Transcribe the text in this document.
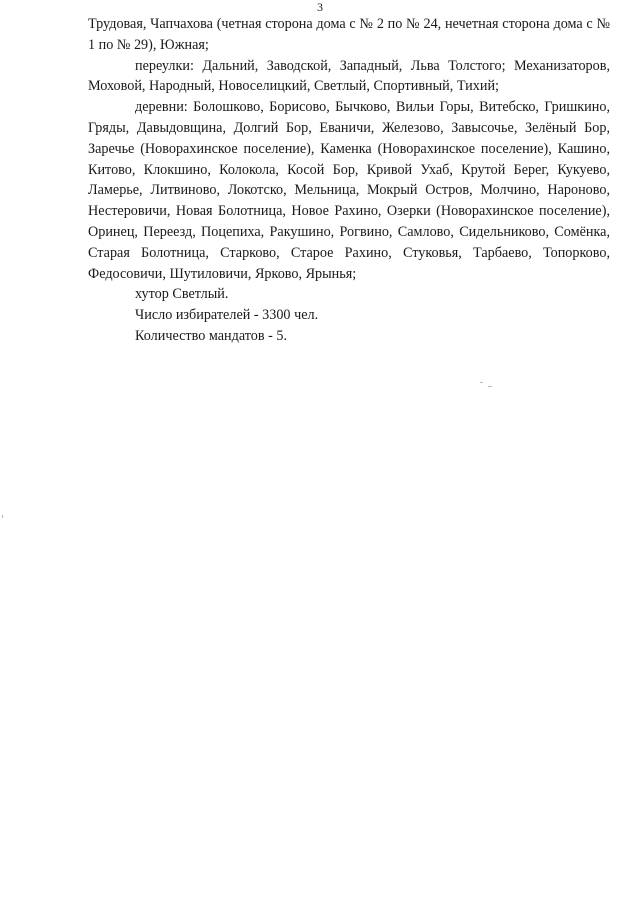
3

Трудовая, Чапчахова (четная сторона дома с № 2 по № 24, нечетная сторона дома с № 1 по № 29), Южная;

переулки: Дальний, Заводской, Западный, Льва Толстого; Механизаторов, Моховой, Народный, Новоселицкий, Светлый, Спортивный, Тихий;

деревни: Болошково, Борисово, Бычково, Вильи Горы, Витебско, Гришкино, Гряды, Давыдовщина, Долгий Бор, Еваничи, Железово, Завысочье, Зелёный Бор, Заречье (Новорахинское поселение), Каменка (Новорахинское поселение), Кашино, Китово, Клокшино, Колокола, Косой Бор, Кривой Ухаб, Крутой Берег, Кукуево, Ламерье, Литвиново, Локотско, Мельница, Мокрый Остров, Молчино, Нароново, Нестеровичи, Новая Болотница, Новое Рахино, Озерки (Новорахинское поселение), Оринец, Переезд, Поцепиха, Ракушино, Рогвино, Самлово, Сидельниково, Сомёнка, Старая Болотница, Старково, Старое Рахино, Стуковья, Тарбаево, Топорково, Федосовичи, Шутиловичи, Ярково, Ярынья;

хутор Светлый.

Число избирателей - 3300 чел.

Количество мандатов - 5.
